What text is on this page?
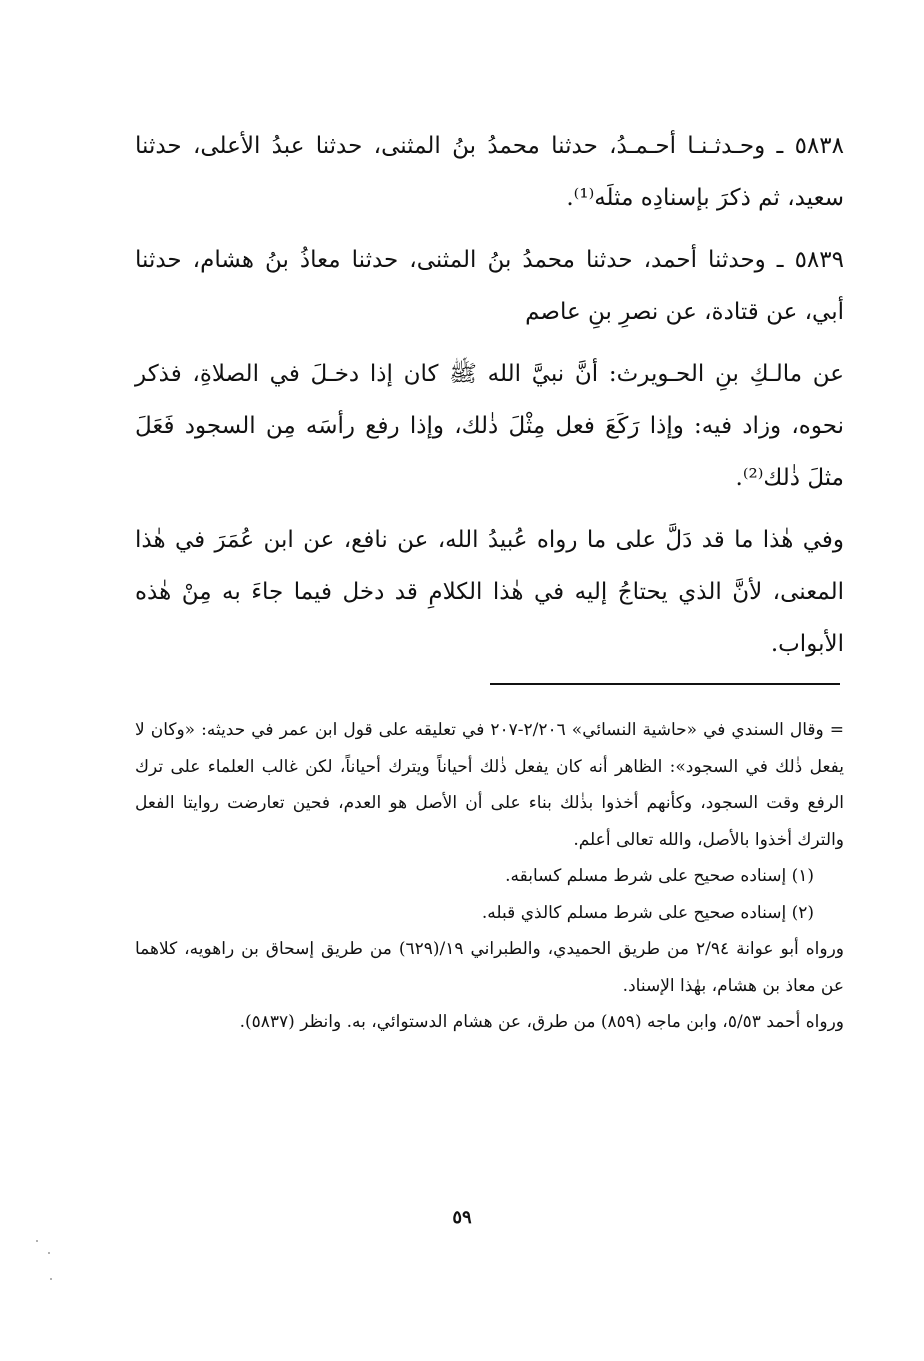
٥٨٣٨ ـ وحـدثـنـا أحـمـدُ، حدثنا محمدُ بنُ المثنى، حدثنا عبدُ الأعلى، حدثنا سعيد، ثم ذكرَ بإسنادِه مثلَه⁽¹⁾.

٥٨٣٩ ـ وحدثنا أحمد، حدثنا محمدُ بنُ المثنى، حدثنا معاذُ بنُ هشام، حدثنا أبي، عن قتادة، عن نصرِ بنِ عاصم

عن مالـكِ بنِ الحـويرث: أنَّ نبيَّ الله ﷺ كان إذا دخـلَ في الصلاةِ، فذكر نحوه، وزاد فيه: وإذا رَكَعَ فعل مِثْلَ ذٰلك، وإذا رفع رأسَه مِن السجود فَعَلَ مثلَ ذٰلك⁽²⁾.

وفي هٰذا ما قد دَلَّ على ما رواه عُبيدُ الله، عن نافع، عن ابن عُمَرَ في هٰذا المعنى، لأنَّ الذي يحتاجُ إليه في هٰذا الكلامِ قد دخل فيما جاءَ به مِنْ هٰذه الأبواب.

= وقال السندي في «حاشية النسائي» ٢/٢٠٦-٢٠٧ في تعليقه على قول ابن عمر في حديثه: «وكان لا يفعل ذٰلك في السجود»: الظاهر أنه كان يفعل ذٰلك أحياناً ويترك أحياناً، لكن غالب العلماء على ترك الرفع وقت السجود، وكأنهم أخذوا بذٰلك بناء على أن الأصل هو العدم، فحين تعارضت روايتا الفعل والترك أخذوا بالأصل، والله تعالى أعلم.

(١) إسناده صحيح على شرط مسلم كسابقه.

(٢) إسناده صحيح على شرط مسلم كالذي قبله.

ورواه أبو عوانة ٢/٩٤ من طريق الحميدي، والطبراني ١٩/(٦٢٩) من طريق إسحاق بن راهويه، كلاهما عن معاذ بن هشام، بهٰذا الإسناد.

ورواه أحمد ٥/٥٣، وابن ماجه (٨٥٩) من طرق، عن هشام الدستوائي، به. وانظر (٥٨٣٧).

٥٩
